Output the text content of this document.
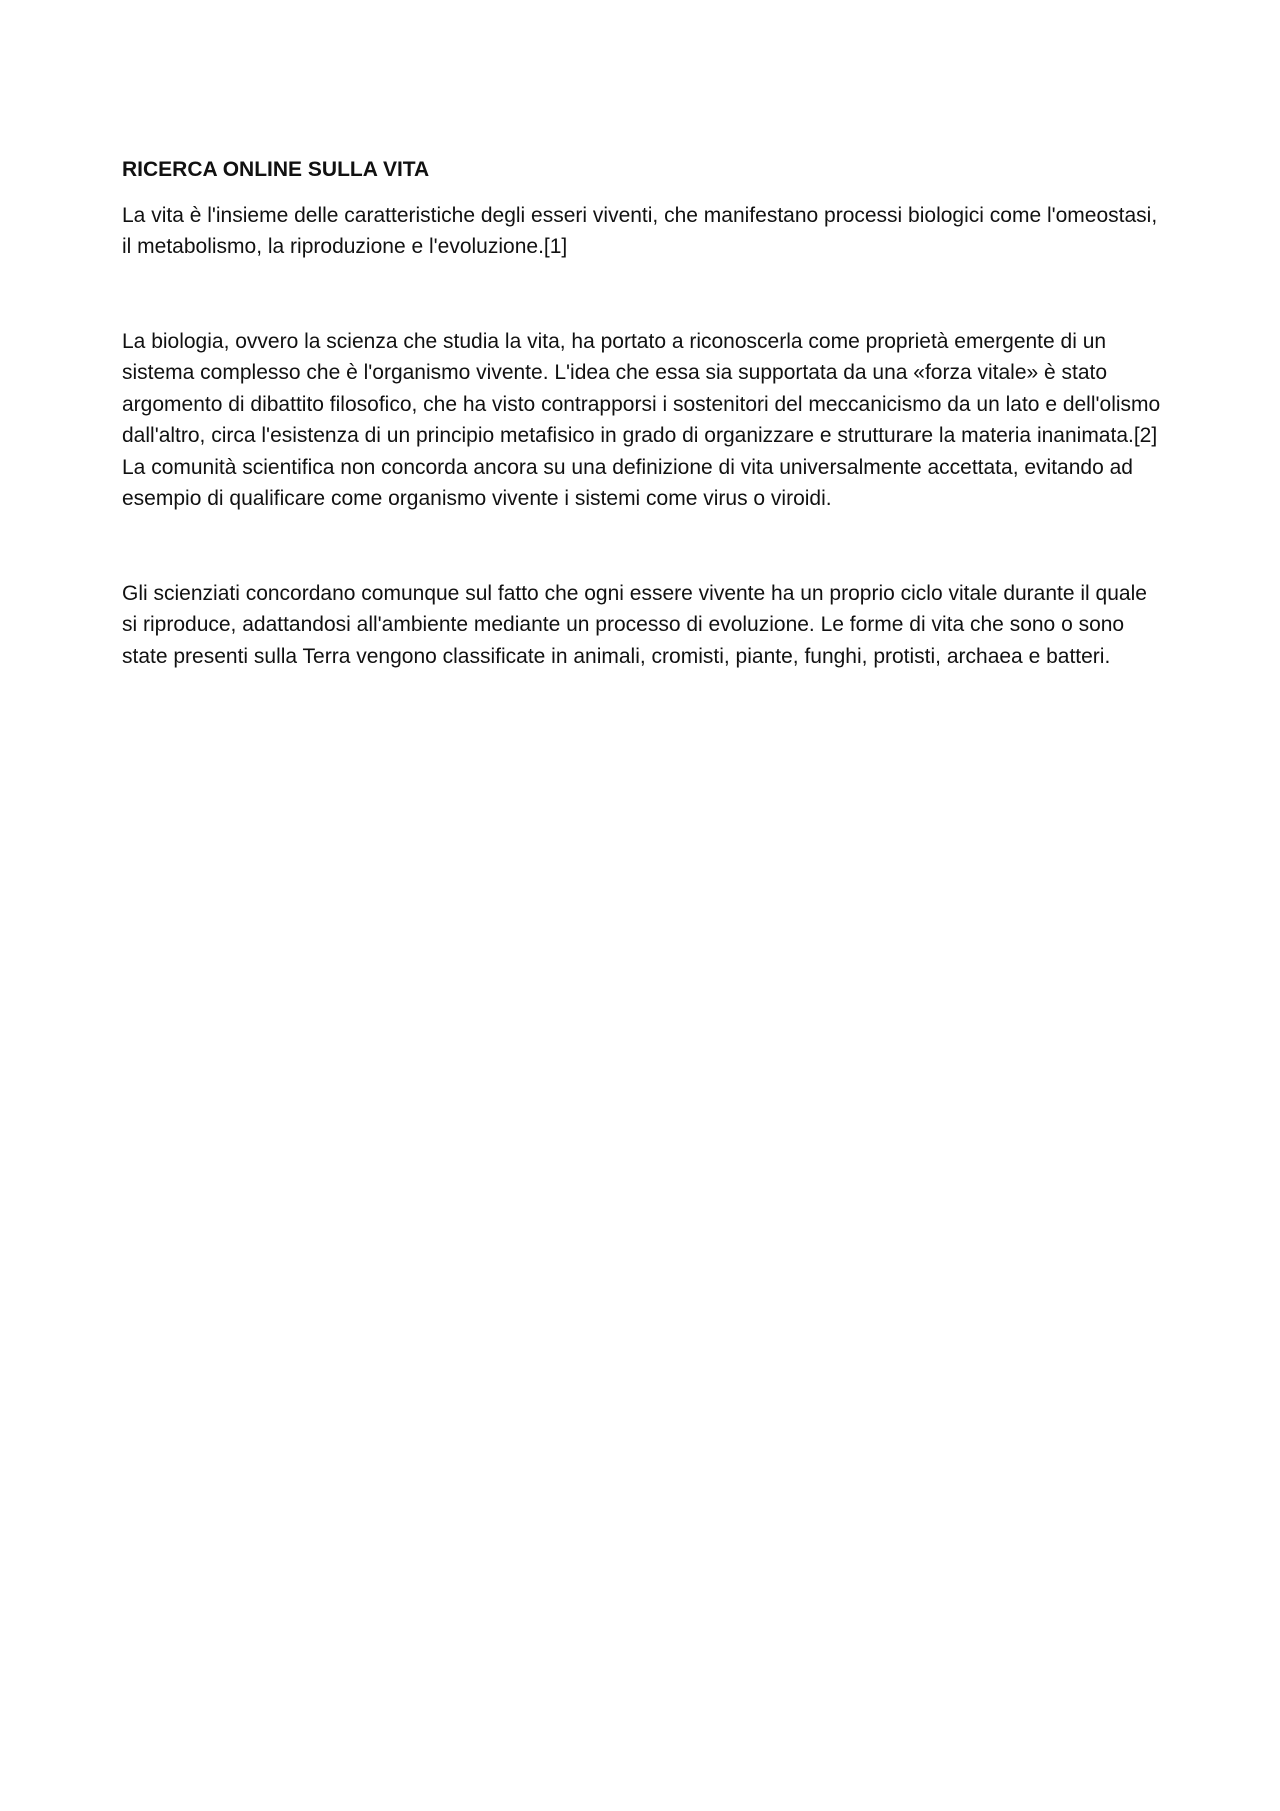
RICERCA ONLINE SULLA VITA

La vita è l'insieme delle caratteristiche degli esseri viventi, che manifestano processi biologici come l'omeostasi, il metabolismo, la riproduzione e l'evoluzione.[1]

La biologia, ovvero la scienza che studia la vita, ha portato a riconoscerla come proprietà emergente di un sistema complesso che è l'organismo vivente. L'idea che essa sia supportata da una «forza vitale» è stato argomento di dibattito filosofico, che ha visto contrapporsi i sostenitori del meccanicismo da un lato e dell'olismo dall'altro, circa l'esistenza di un principio metafisico in grado di organizzare e strutturare la materia inanimata.[2] La comunità scientifica non concorda ancora su una definizione di vita universalmente accettata, evitando ad esempio di qualificare come organismo vivente i sistemi come virus o viroidi.

Gli scienziati concordano comunque sul fatto che ogni essere vivente ha un proprio ciclo vitale durante il quale si riproduce, adattandosi all'ambiente mediante un processo di evoluzione. Le forme di vita che sono o sono state presenti sulla Terra vengono classificate in animali, cromisti, piante, funghi, protisti, archaea e batteri.
